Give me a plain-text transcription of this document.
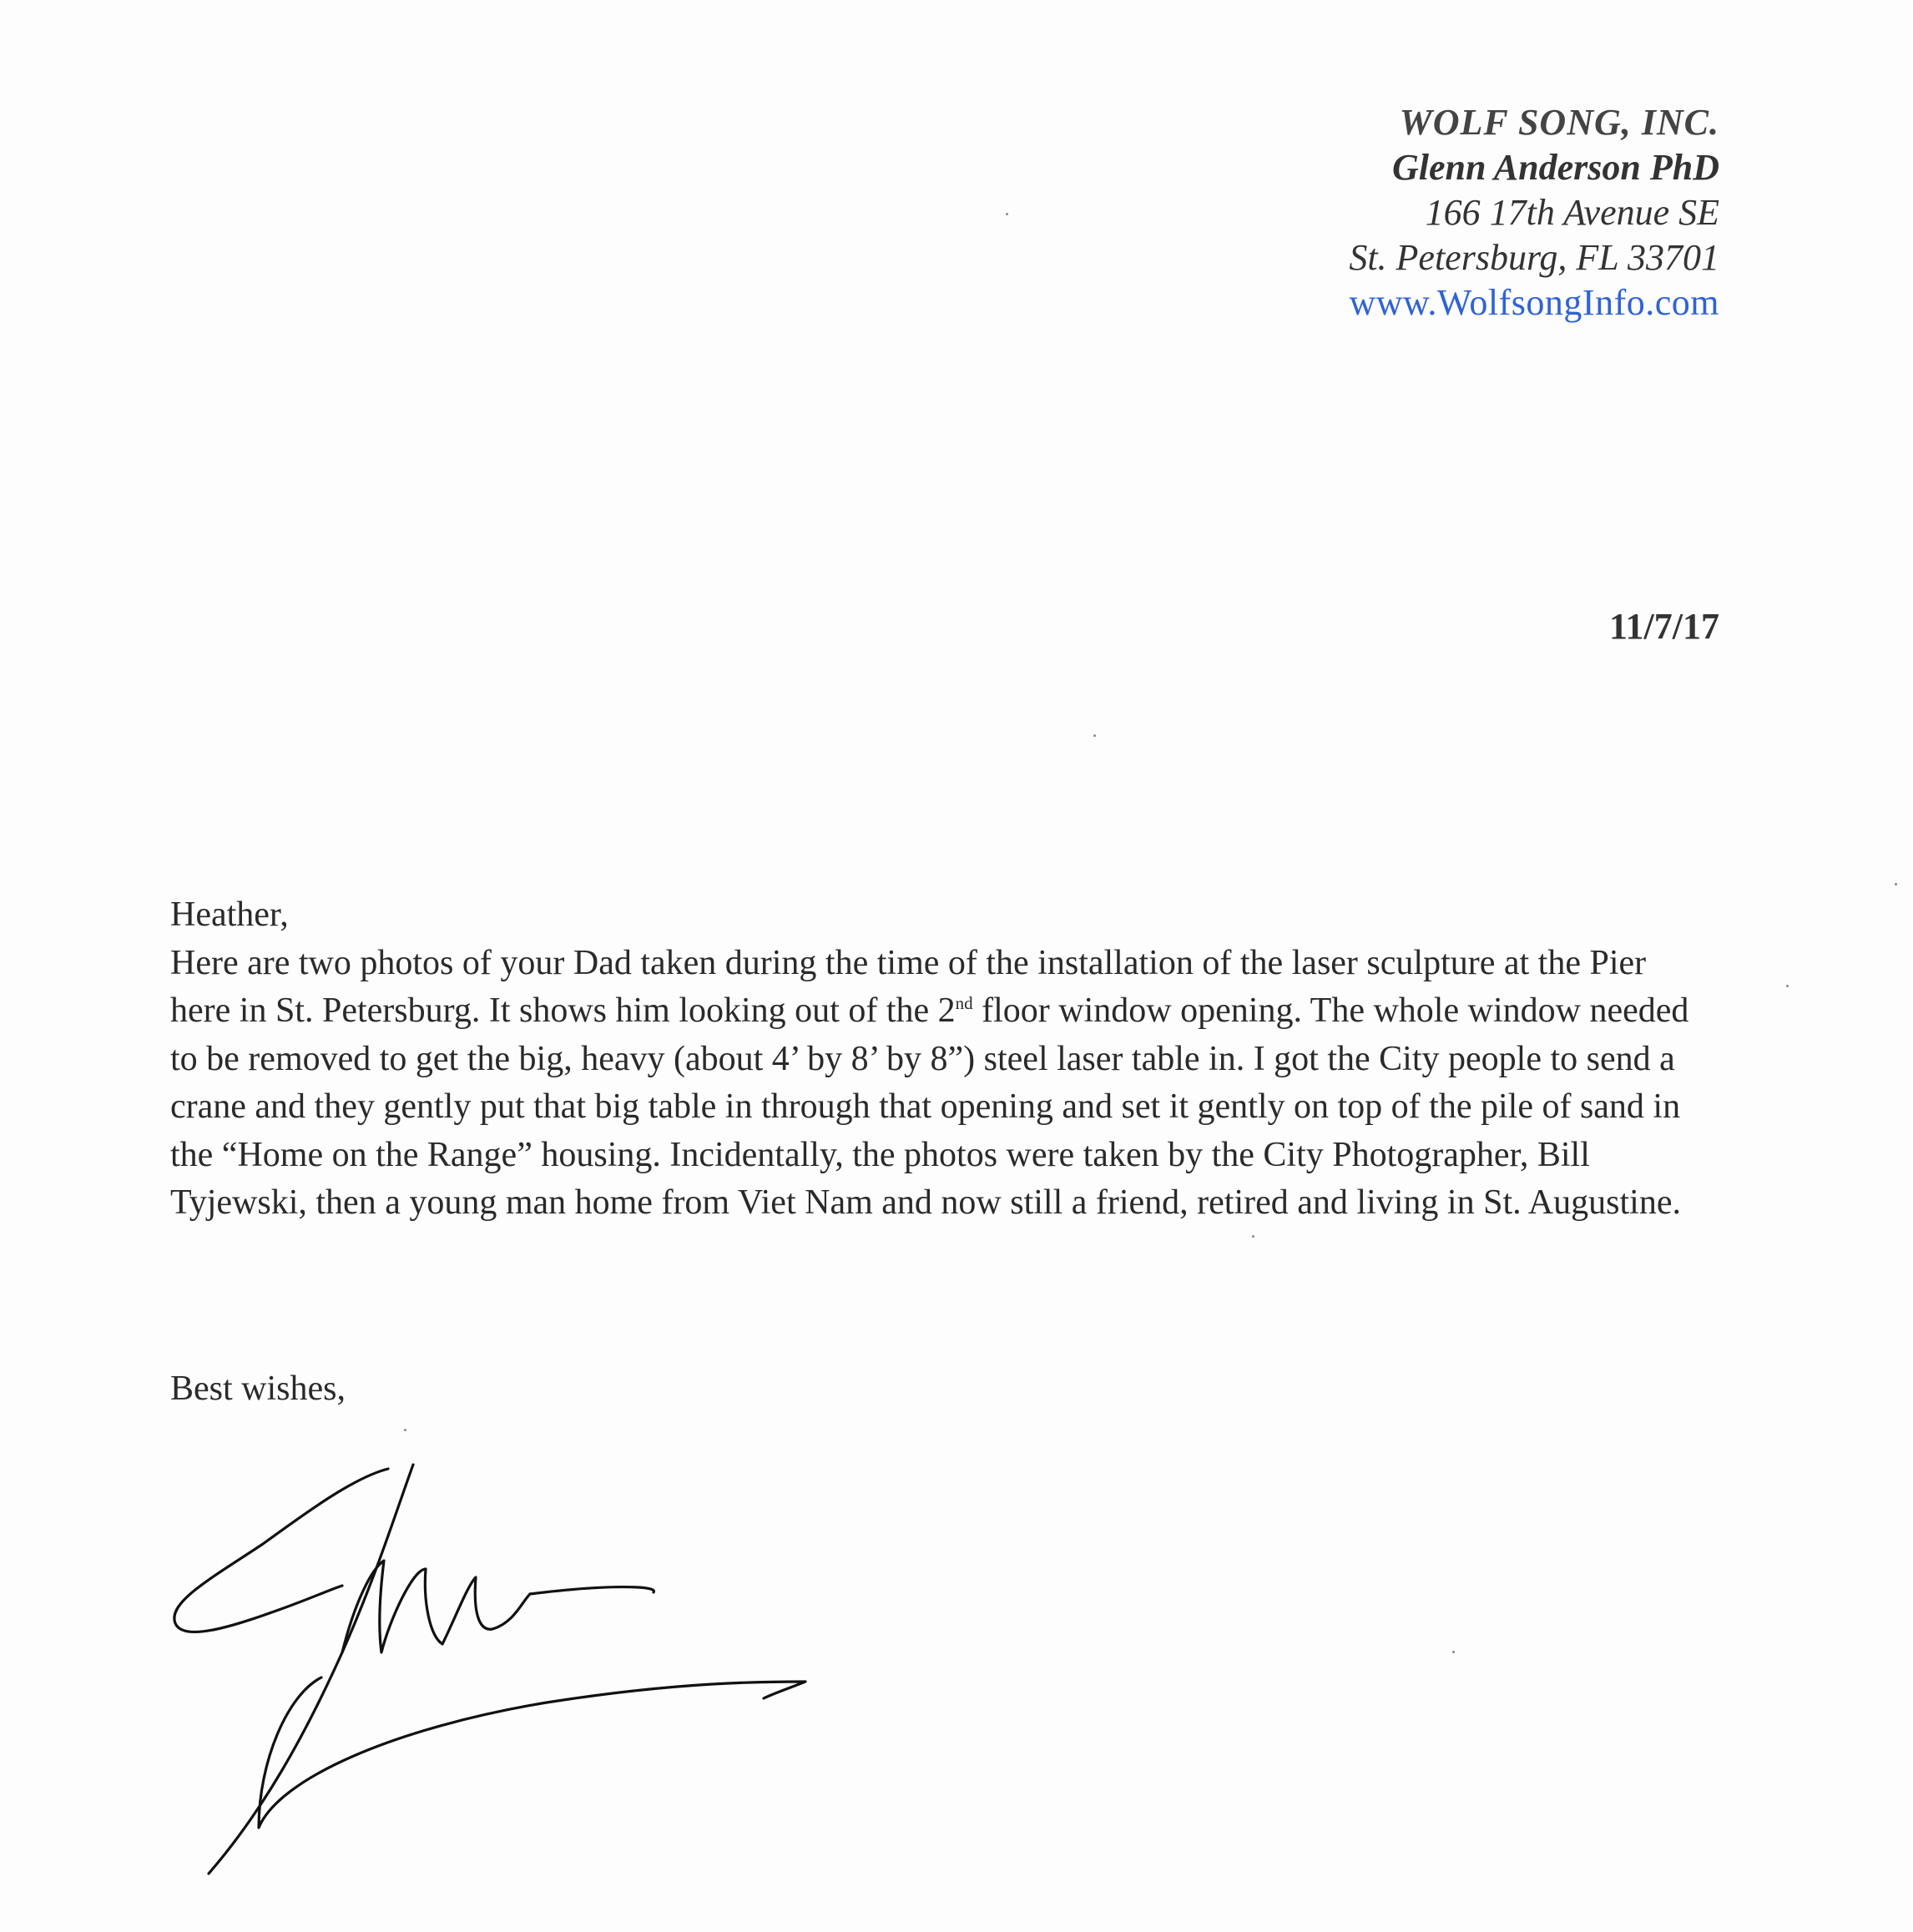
WOLF SONG, INC.
Glenn Anderson PhD
166 17th Avenue SE
St. Petersburg, FL 33701
www.WolfsongInfo.com
11/7/17

Heather,

Here are two photos of your Dad taken during the time of the installation of the laser sculpture at the Pier here in St. Petersburg. It shows him looking out of the 2nd floor window opening. The whole window needed to be removed to get the big, heavy (about 4’ by 8’ by 8”) steel laser table in. I got the City people to send a crane and they gently put that big table in through that opening and set it gently on top of the pile of sand in the “Home on the Range” housing. Incidentally, the photos were taken by the City Photographer, Bill Tyjewski, then a young man home from Viet Nam and now still a friend, retired and living in St. Augustine.

Best wishes,
